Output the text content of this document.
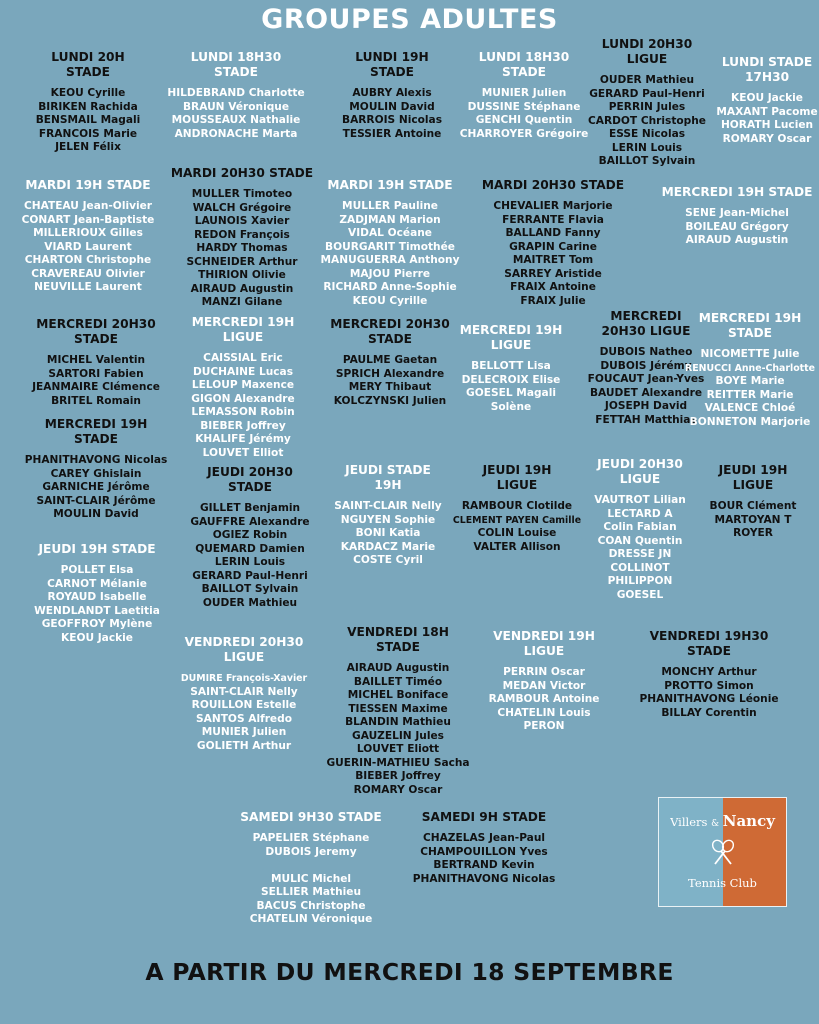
GROUPES ADULTES
LUNDI 20H
STADE
KEOU Cyrille
BIRIKEN Rachida
BENSMAIL Magali
FRANCOIS Marie
JELEN Félix
LUNDI 18H30
STADE
HILDEBRAND Charlotte
BRAUN Véronique
MOUSSEAUX Nathalie
ANDRONACHE Marta
LUNDI 19H
STADE
AUBRY Alexis
MOULIN David
BARROIS Nicolas
TESSIER Antoine
LUNDI 18H30
STADE
MUNIER Julien
DUSSINE Stéphane
GENCHI Quentin
CHARROYER Grégoire
LUNDI 20H30
LIGUE
OUDER Mathieu
GERARD Paul-Henri
PERRIN Jules
CARDOT Christophe
ESSE Nicolas
LERIN Louis
BAILLOT Sylvain
LUNDI STADE
17H30
KEOU Jackie
MAXANT Pacome
HORATH Lucien
ROMARY Oscar
MARDI 19H STADE
CHATEAU Jean-Olivier
CONART Jean-Baptiste
MILLERIOUX Gilles
VIARD Laurent
CHARTON Christophe
CRAVEREAU Olivier
NEUVILLE Laurent
MARDI 20H30 STADE
MULLER Timoteo
WALCH Grégoire
LAUNOIS Xavier
REDON François
HARDY Thomas
SCHNEIDER Arthur
THIRION Olivie
AIRAUD Augustin
MANZI Gilane
MARDI 19H STADE
MULLER Pauline
ZADJMAN Marion
VIDAL Océane
BOURGARIT Timothée
MANUGUERRA Anthony
MAJOU Pierre
RICHARD Anne-Sophie
KEOU Cyrille
MARDI 20H30 STADE
CHEVALIER Marjorie
FERRANTE Flavia
BALLAND Fanny
GRAPIN Carine
MAITRET Tom
SARREY Aristide
FRAIX Antoine
FRAIX Julie
MERCREDI 19H STADE
SENE Jean-Michel
BOILEAU Grégory
AIRAUD Augustin
MERCREDI 20H30
STADE
MICHEL Valentin
SARTORI Fabien
JEANMAIRE Clémence
BRITEL Romain
MERCREDI 19H
LIGUE
CAISSIAL Eric
DUCHAINE Lucas
LELOUP Maxence
GIGON Alexandre
LEMASSON Robin
BIEBER Joffrey
KHALIFE Jérémy
LOUVET Elliot
MERCREDI 20H30
STADE
PAULME Gaetan
SPRICH Alexandre
MERY Thibaut
KOLCZYNSKI Julien
MERCREDI 19H
LIGUE
BELLOTT Lisa
DELECROIX Elise
GOESEL Magali
Solène
MERCREDI
20H30 LIGUE
DUBOIS Natheo
DUBOIS Jérémy
FOUCAUT Jean-Yves
BAUDET Alexandre
JOSEPH David
FETTAH Matthias
MERCREDI 19H
STADE
NICOMETTE Julie
RENUCCI Anne-Charlotte
BOYE Marie
REITTER Marie
VALENCE Chloé
BONNETON Marjorie
MERCREDI 19H
STADE
PHANITHAVONG Nicolas
CAREY Ghislain
GARNICHE Jérôme
SAINT-CLAIR Jérôme
MOULIN David
JEUDI 20H30
STADE
GILLET Benjamin
GAUFFRE Alexandre
OGIEZ Robin
QUEMARD Damien
LERIN Louis
GERARD Paul-Henri
BAILLOT Sylvain
OUDER Mathieu
JEUDI STADE
19H
SAINT-CLAIR Nelly
NGUYEN Sophie
BONI Katia
KARDACZ Marie
COSTE Cyril
JEUDI 19H
LIGUE
RAMBOUR Clotilde
CLEMENT PAYEN Camille
COLIN Louise
VALTER Allison
JEUDI 20H30
LIGUE
VAUTROT Lilian
LECTARD A
Colin Fabian
COAN Quentin
DRESSE JN
COLLINOT
PHILIPPON
GOESEL
JEUDI 19H
LIGUE
BOUR Clément
MARTOYAN T
ROYER
JEUDI 19H STADE
POLLET Elsa
CARNOT Mélanie
ROYAUD Isabelle
WENDLANDT Laetitia
GEOFFROY Mylène
KEOU Jackie	VENDREDI 20H30
LIGUE
DUMIRE François-Xavier
SAINT-CLAIR Nelly
ROUILLON Estelle
SANTOS Alfredo
MUNIER Julien
GOLIETH Arthur
VENDREDI 18H
STADE
AIRAUD Augustin
BAILLET Timéo
MICHEL Boniface
TIESSEN Maxime
BLANDIN Mathieu
GAUZELIN Jules
LOUVET Eliott
GUERIN-MATHIEU Sacha
BIEBER Joffrey
ROMARY Oscar
VENDREDI 19H
LIGUE
PERRIN Oscar
MEDAN Victor
RAMBOUR Antoine
CHATELIN Louis
PERON
VENDREDI 19H30
STADE
MONCHY Arthur
PROTTO Simon
PHANITHAVONG Léonie
BILLAY Corentin
SAMEDI 9H30 STADE
PAPELIER Stéphane
DUBOIS Jeremy

MULIC Michel
SELLIER Mathieu
BACUS Christophe
CHATELIN Véronique
SAMEDI 9H STADE
CHAZELAS Jean-Paul
CHAMPOUILLON Yves
BERTRAND Kevin
PHANITHAVONG Nicolas
Villers & Nancy
Tennis Club
A PARTIR DU MERCREDI 18 SEPTEMBRE
